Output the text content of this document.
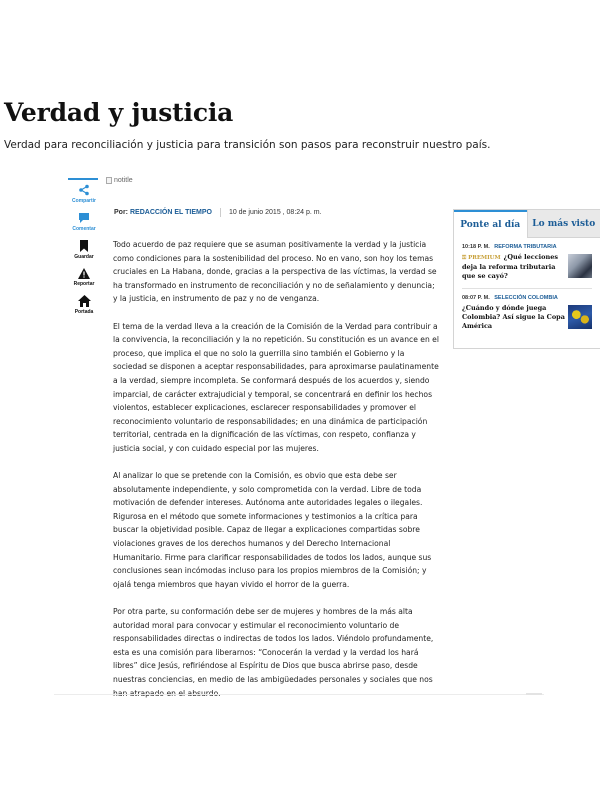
Verdad y justicia

Verdad para reconciliación y justicia para transición son pasos para reconstruir nuestro país.

Compartir
Comentar
Guardar
Reportar
Portada
notitle
Por: REDACCIÓN EL TIEMPO 10 de junio 2015 , 08:24 p. m.

Todo acuerdo de paz requiere que se asuman positivamente la verdad y la justicia como condiciones para la sostenibilidad del proceso. No en vano, son hoy los temas cruciales en La Habana, donde, gracias a la perspectiva de las víctimas, la verdad se ha transformado en instrumento de reconciliación y no de señalamiento y denuncia; y la justicia, en instrumento de paz y no de venganza.

El tema de la verdad lleva a la creación de la Comisión de la Verdad para contribuir a la convivencia, la reconciliación y la no repetición. Su constitución es un avance en el proceso, que implica el que no solo la guerrilla sino también el Gobierno y la sociedad se disponen a aceptar responsabilidades, para aproximarse paulatinamente a la verdad, siempre incompleta. Se conformará después de los acuerdos y, siendo imparcial, de carácter extrajudicial y temporal, se concentrará en definir los hechos violentos, establecer explicaciones, esclarecer responsabilidades y promover el reconocimiento voluntario de responsabilidades; en una dinámica de participación territorial, centrada en la dignificación de las víctimas, con respeto, confianza y justicia social, y con cuidado especial por las mujeres.

Al analizar lo que se pretende con la Comisión, es obvio que esta debe ser absolutamente independiente, y solo comprometida con la verdad. Libre de toda motivación de defender intereses. Autónoma ante autoridades legales o ilegales. Rigurosa en el método que somete informaciones y testimonios a la crítica para buscar la objetividad posible. Capaz de llegar a explicaciones compartidas sobre violaciones graves de los derechos humanos y del Derecho Internacional Humanitario. Firme para clarificar responsabilidades de todos los lados, aunque sus conclusiones sean incómodas incluso para los propios miembros de la Comisión; y ojalá tenga miembros que hayan vivido el horror de la guerra.

Por otra parte, su conformación debe ser de mujeres y hombres de la más alta autoridad moral para convocar y estimular el reconocimiento voluntario de responsabilidades directas o indirectas de todos los lados. Viéndolo profundamente, esta es una comisión para liberarnos: “Conocerán la verdad y la verdad los hará libres” dice Jesús, refiriéndose al Espíritu de Dios que busca abrirse paso, desde nuestras conciencias, en medio de las ambigüedades personales y sociales que nos

Ponte al día	Lo más visto
10:18 P. M. REFORMA TRIBUTARIA
⚿ PREMIUM ¿Qué lecciones deja la reforma tributaria que se cayó?
08:07 P. M. SELECCIÓN COLOMBIA
¿Cuándo y dónde juega Colombia? Así sigue la Copa América
